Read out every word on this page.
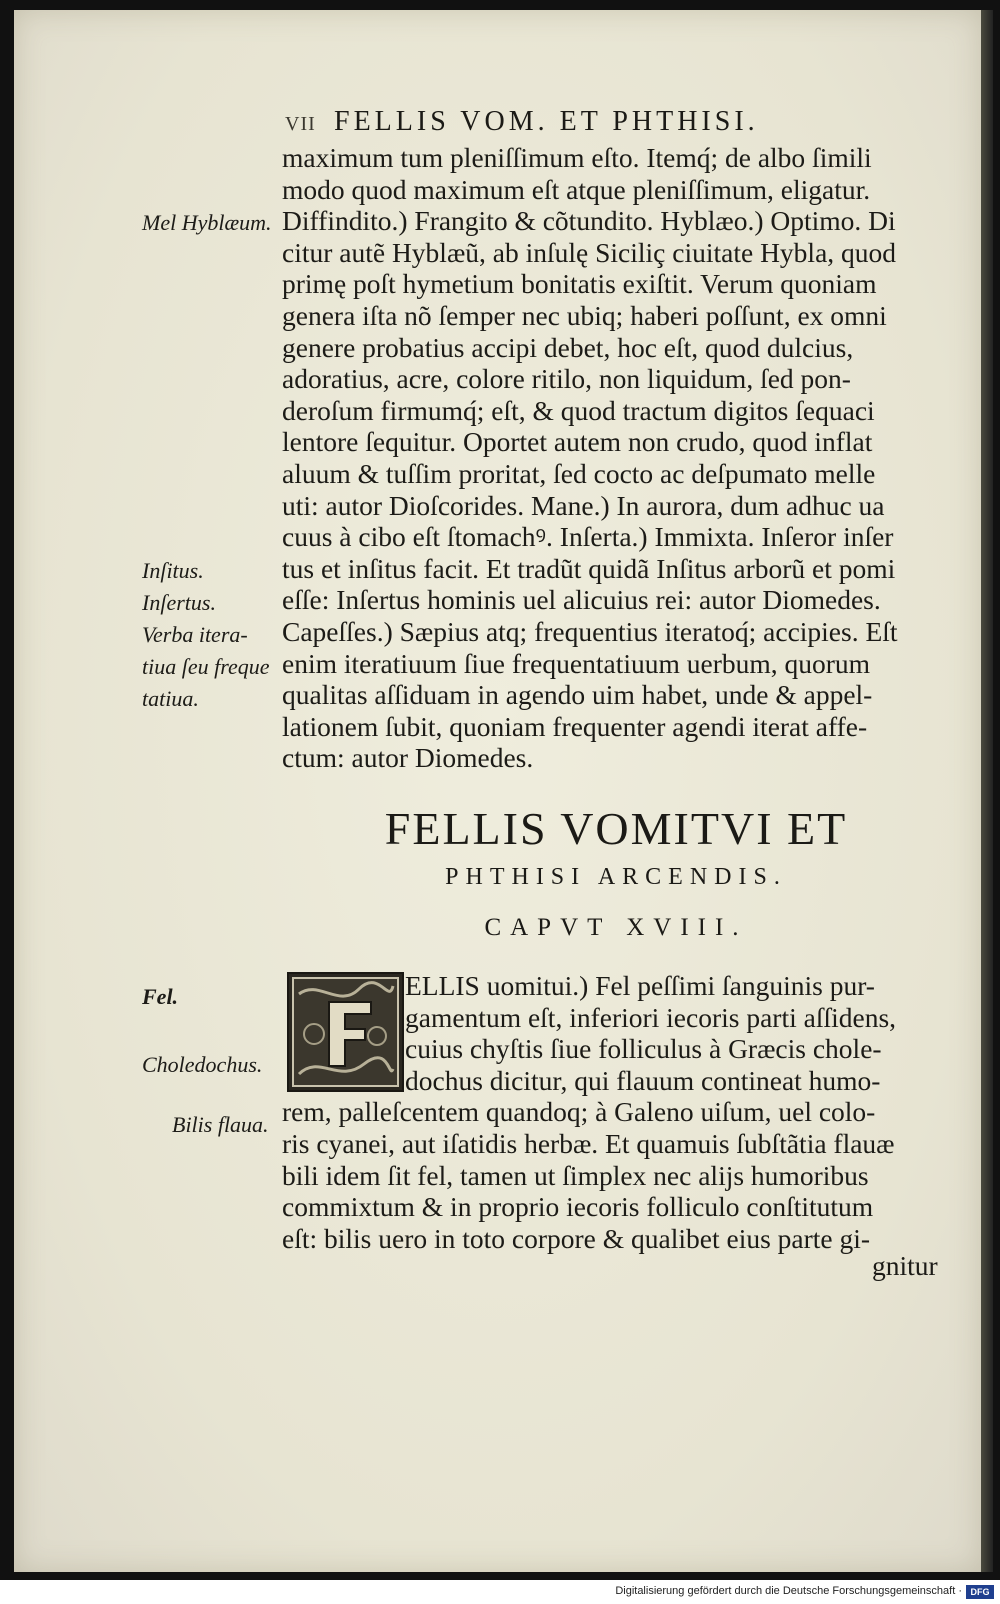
VII FELLIS VOM. ET PHTHISI.
maximum tum pleniſſimum eſto. Itemq́; de albo ſimili
modo quod maximum eſt atque pleniſſimum, eligatur.
Diffindito.) Frangito & cõtundito. Hyblæo.) Optimo. Di
citur autẽ Hyblæũ, ab inſulę Siciliç ciuitate Hybla, quod
primę poſt hymetium bonitatis exiſtit. Verum quoniam
genera iſta nõ ſemper nec ubiq; haberi poſſunt, ex omni
genere probatius accipi debet, hoc eſt, quod dulcius,
adoratius, acre, colore ritilo, non liquidum, ſed pon-
deroſum firmumq́; eſt, & quod tractum digitos ſequaci
lentore ſequitur. Oportet autem non crudo, quod inflat
aluum & tuſſim proritat, ſed cocto ac deſpumato melle
uti: autor Dioſcorides. Mane.) In aurora, dum adhuc ua
cuus à cibo eſt ſtomachꝰ. Inſerta.) Immixta. Inſeror inſer
tus et inſitus facit. Et tradũt quidã Inſitus arborũ et pomi
eſſe: Inſertus hominis uel alicuius rei: autor Diomedes.
Capeſſes.) Sæpius atq; frequentius iteratoq́; accipies. Eſt
enim iteratiuum ſiue frequentatiuum uerbum, quorum
qualitas aſſiduam in agendo uim habet, unde & appel-
lationem ſubit, quoniam frequenter agendi iterat affe-
ctum: autor Diomedes.
Mel Hyblæum.
Inſitus.
Inſertus.
Verba itera-
tiua ſeu freque
tatiua.
FELLIS VOMITVI ET
PHTHISI ARCENDIS.
CAPVT XVIII.
ELLIS uomitui.) Fel peſſimi ſanguinis pur-
gamentum eſt, inferiori iecoris parti aſſidens,
cuius chyſtis ſiue folliculus à Græcis chole-
dochus dicitur, qui flauum contineat humo-
rem, palleſcentem quandoq; à Galeno uiſum, uel colo-
ris cyanei, aut iſatidis herbæ. Et quamuis ſubſtãtia flauæ
bili idem ſit fel, tamen ut ſimplex nec alijs humoribus
commixtum & in proprio iecoris folliculo conſtitutum
eſt: bilis uero in toto corpore & qualibet eius parte gi-
Fel.
Choledochus.
Bilis flaua.
gnitur
Digitalisierung gefördert durch die Deutsche Forschungsgemeinschaft · DFG
